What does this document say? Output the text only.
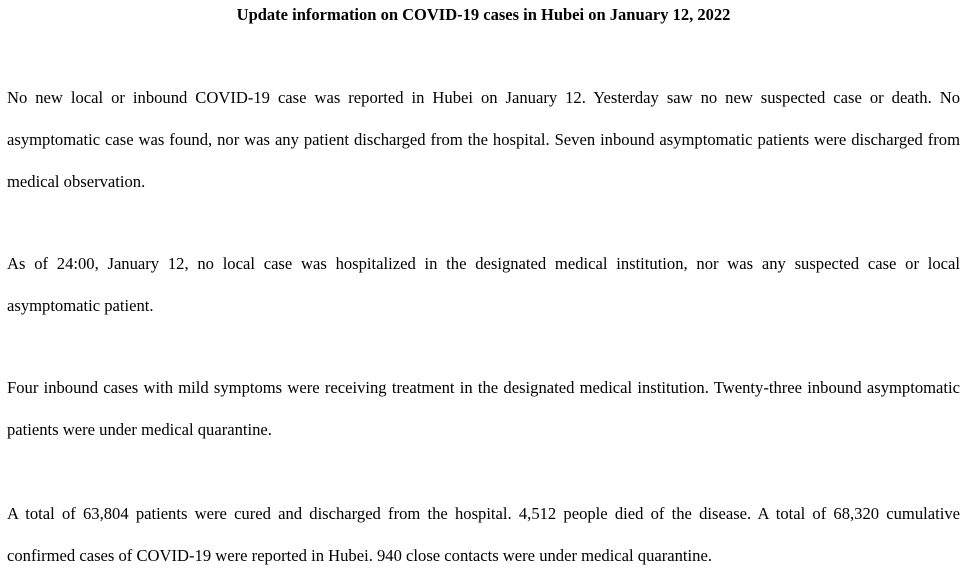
Update information on COVID-19 cases in Hubei on January 12, 2022

No new local or inbound COVID-19 case was reported in Hubei on January 12. Yesterday saw no new suspected case or death. No asymptomatic case was found, nor was any patient discharged from the hospital. Seven inbound asymptomatic patients were discharged from medical observation.

As of 24:00, January 12, no local case was hospitalized in the designated medical institution, nor was any suspected case or local asymptomatic patient.

Four inbound cases with mild symptoms were receiving treatment in the designated medical institution. Twenty-three inbound asymptomatic patients were under medical quarantine.

A total of 63,804 patients were cured and discharged from the hospital. 4,512 people died of the disease. A total of 68,320 cumulative confirmed cases of COVID-19 were reported in Hubei. 940 close contacts were under medical quarantine.
